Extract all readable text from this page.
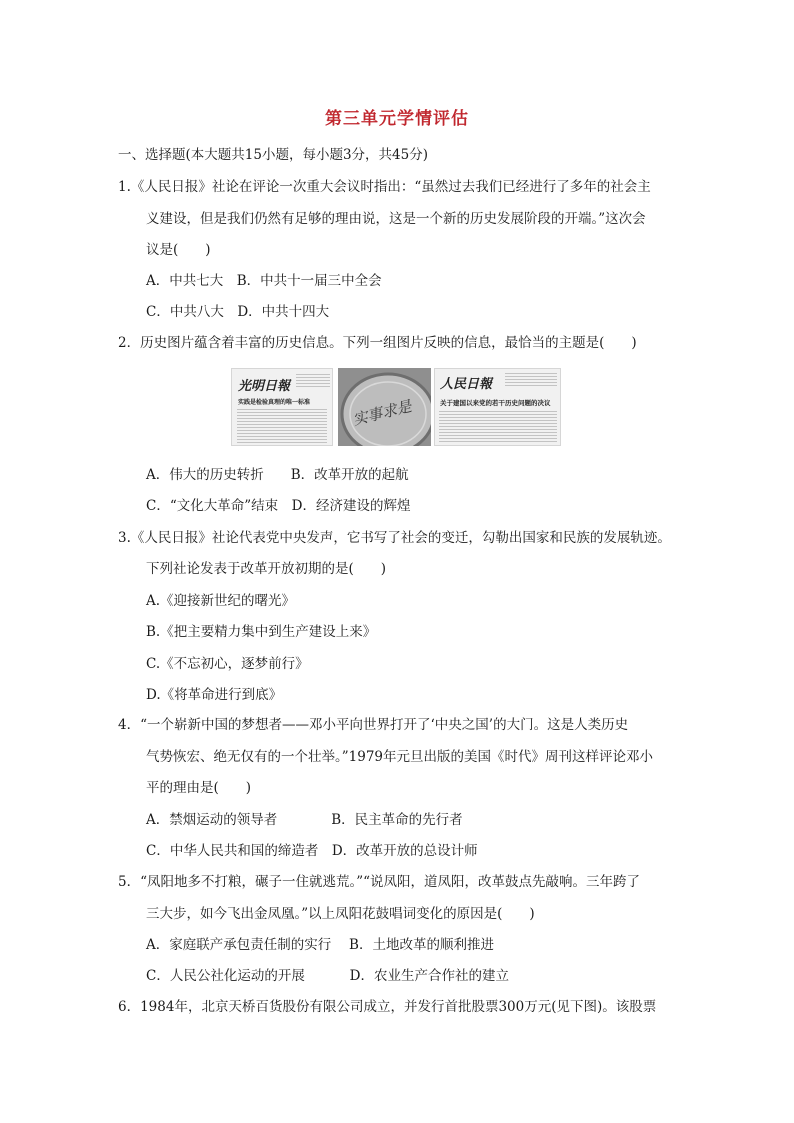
第三单元学情评估
一、选择题(本大题共15小题，每小题3分，共45分)
1.《人民日报》社论在评论一次重大会议时指出：“虽然过去我们已经进行了多年的社会主
义建设，但是我们仍然有足够的理由说，这是一个新的历史发展阶段的开端。”这次会
议是(　　)
A．中共七大　B．中共十一届三中全会
C．中共八大　D．中共十四大
2．历史图片蕴含着丰富的历史信息。下列一组图片反映的信息，最恰当的主题是(　　)
光明日報
实践是检验真理的唯一标准	实事求是
人民日報
关于建国以来党的若干历史问题的决议
A．伟大的历史转折　　B．改革开放的起航
C．“文化大革命”结束　D．经济建设的辉煌
3.《人民日报》社论代表党中央发声，它书写了社会的变迁，勾勒出国家和民族的发展轨迹。
下列社论发表于改革开放初期的是(　　)
A.《迎接新世纪的曙光》
B.《把主要精力集中到生产建设上来》
C.《不忘初心，逐梦前行》
D.《将革命进行到底》
4．“一个崭新中国的梦想者——邓小平向世界打开了‘中央之国’的大门。这是人类历史
气势恢宏、绝无仅有的一个壮举。”1979年元旦出版的美国《时代》周刊这样评论邓小
平的理由是(　　)
A．禁烟运动的领导者　　　　B．民主革命的先行者
C．中华人民共和国的缔造者　D．改革开放的总设计师
5．“凤阳地多不打粮，碾子一住就逃荒。”“说凤阳，道凤阳，改革鼓点先敲响。三年跨了
三大步，如今飞出金凤凰。”以上凤阳花鼓唱词变化的原因是(　　)
A．家庭联产承包责任制的实行　 B．土地改革的顺利推进
C．人民公社化运动的开展　　　 D．农业生产合作社的建立
6．1984年，北京天桥百货股份有限公司成立，并发行首批股票300万元(见下图)。该股票
